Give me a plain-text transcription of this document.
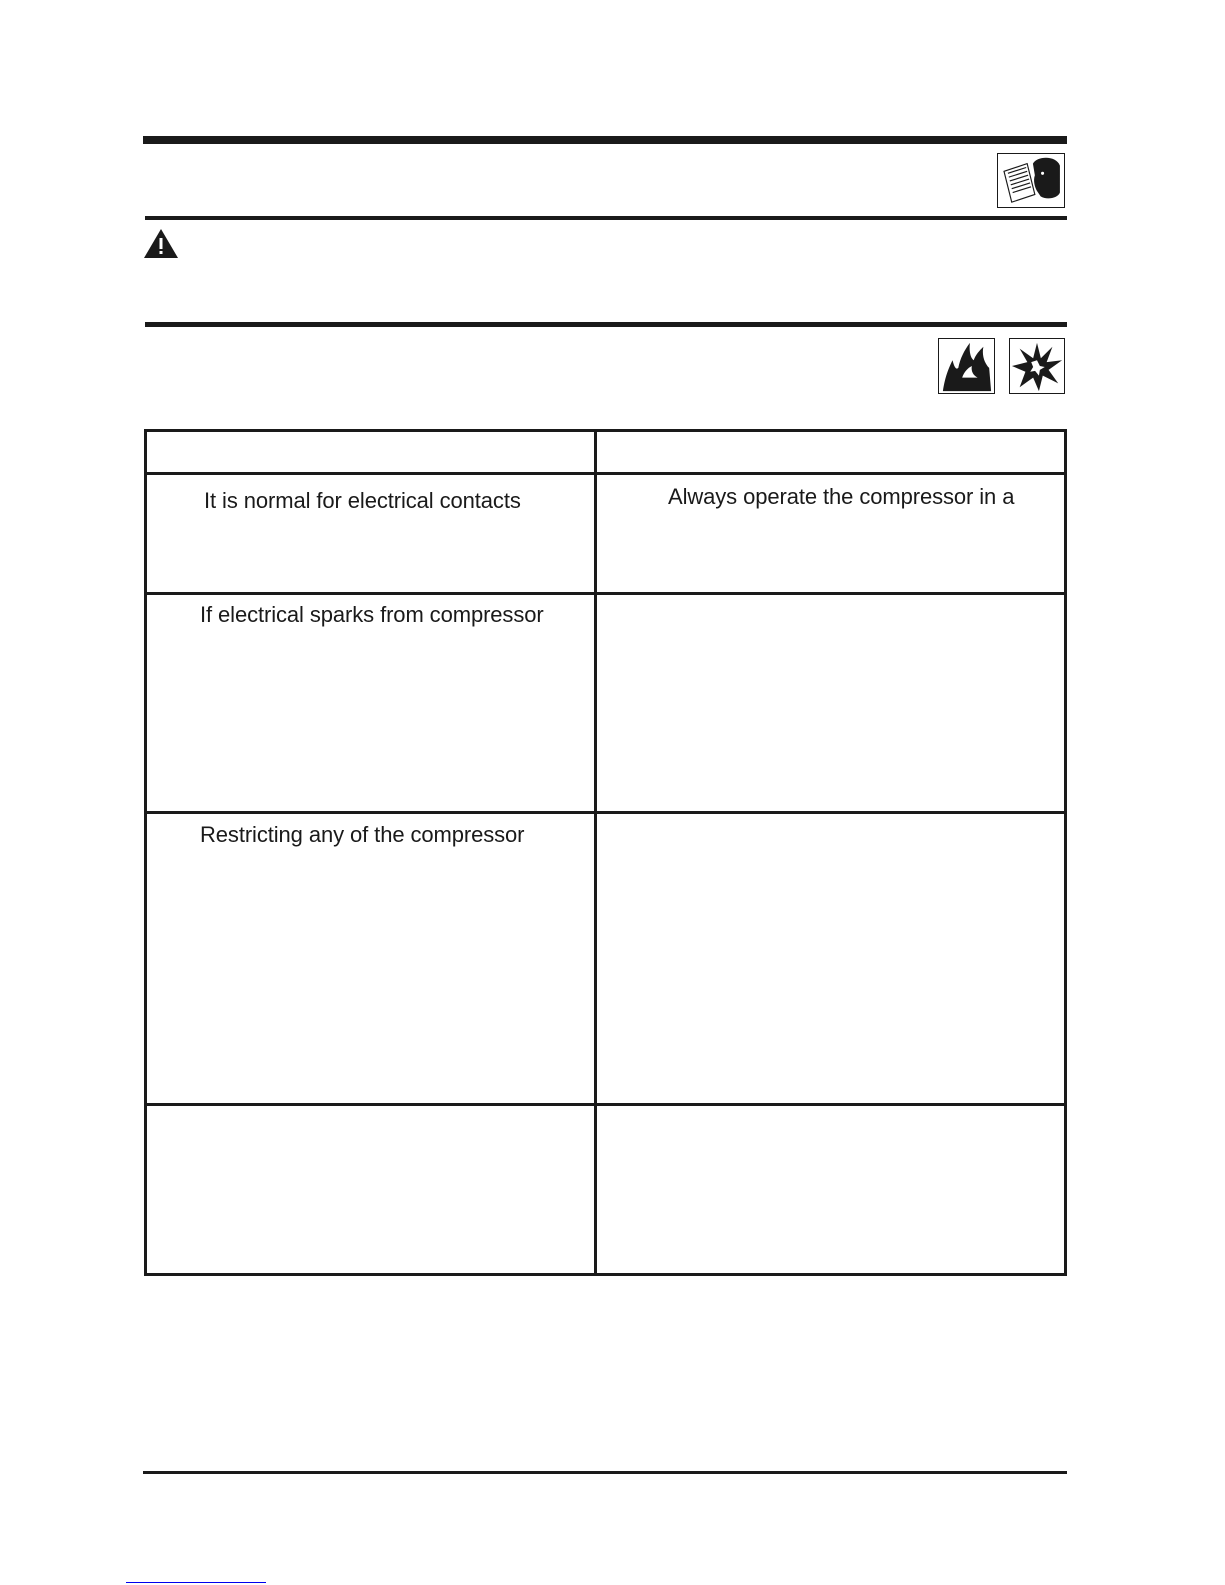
It is normal for electrical contacts	Always operate the compressor in a
If electrical sparks from compressor
Restricting any of the compressor
